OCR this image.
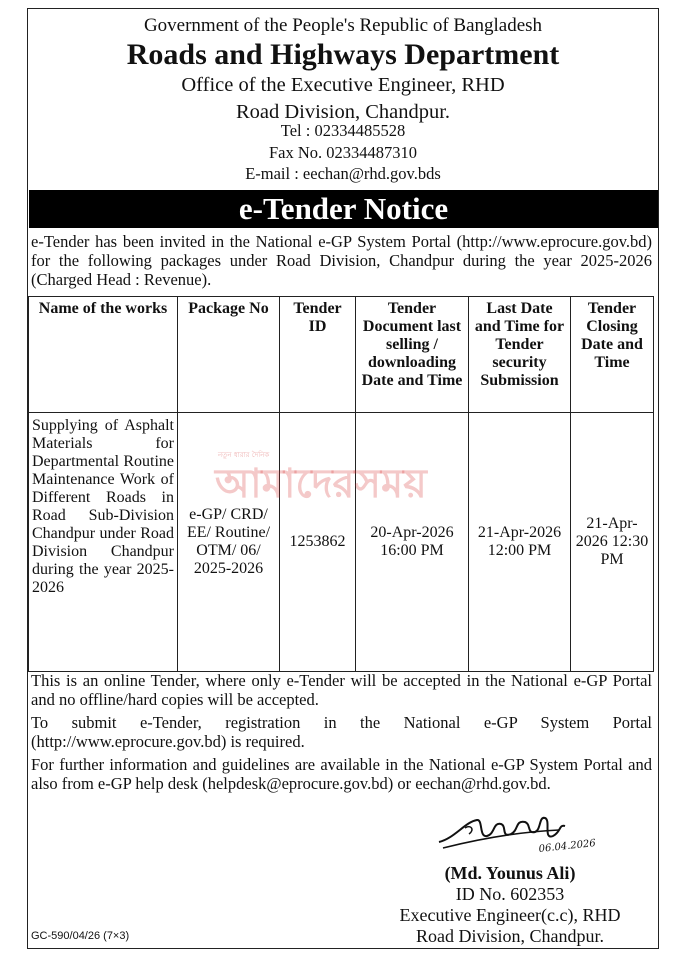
Government of the People's Republic of Bangladesh
Roads and Highways Department
Office of the Executive Engineer, RHD
Road Division, Chandpur.
Tel : 02334485528
Fax No. 02334487310
E-mail : eechan@rhd.gov.bds
e-Tender Notice
e-Tender has been invited in the National e-GP System Portal (http://www.eprocure.gov.bd) for the following packages under Road Division, Chandpur during the year 2025-2026 (Charged Head : Revenue).
Name of the works	Package No	Tender ID	Tender Document last selling / downloading Date and Time	Last Date and Time for Tender security Submission	Tender Closing Date and Time
Supplying of Asphalt Materials for Departmental Routine Maintenance Work of Different Roads in Road Sub-Division Chandpur under Road Division Chandpur during the year 2025-2026	e-GP/ CRD/ EE/ Routine/ OTM/ 06/ 2025-2026	1253862	20-Apr-2026 16:00 PM	21-Apr-2026 12:00 PM	21-Apr-2026 12:30 PM
নতুন ধারার দৈনিক
আমাদেরসময়
This is an online Tender, where only e-Tender will be accepted in the National e-GP Portal and no offline/hard copies will be accepted.
To submit e-Tender, registration in the National e-GP System Portal (http://www.eprocure.gov.bd) is required.
For further information and guidelines are available in the National e-GP System Portal and also from e-GP help desk (helpdesk@eprocure.gov.bd) or eechan@rhd.gov.bd.
06.04.2026
(Md. Younus Ali)
ID No. 602353
Executive Engineer(c.c), RHD
Road Division, Chandpur.
GC-590/04/26 (7×3)
